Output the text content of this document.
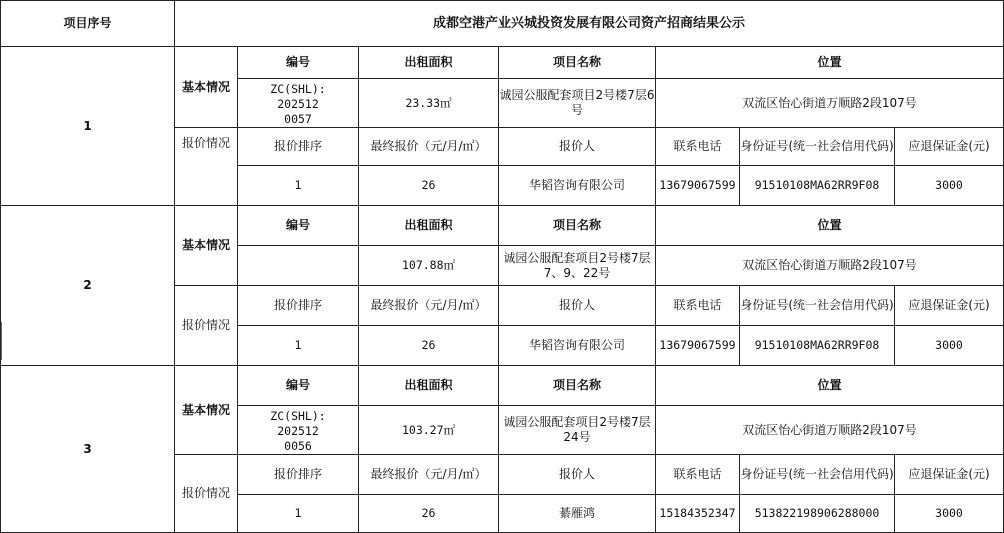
项目序号	成都空港产业兴城投资发展有限公司资产招商结果公示						
1	基本情况	编号	出租面积	项目名称	位置		
		ZC(SHL):
202512
0057	23.33㎡	诚园公服配套项目2号楼7层6号	双流区怡心街道万顺路2段107号		
	报价情况	报价排序	最终报价（元/月/㎡）	报价人	联系电话	身份证号(统一社会信用代码)	应退保证金(元)
		1	26	华韬咨询有限公司	13679067599	91510108MA62RR9F08	3000
2	基本情况	编号	出租面积	项目名称	位置		
			107.88㎡	诚园公服配套项目2号楼7层7、9、22号	双流区怡心街道万顺路2段107号		
	报价情况	报价排序	最终报价（元/月/㎡）	报价人	联系电话	身份证号(统一社会信用代码)	应退保证金(元)
		1	26	华韬咨询有限公司	13679067599	91510108MA62RR9F08	3000
3	基本情况	编号	出租面积	项目名称	位置		
		ZC(SHL):
202512
0056	103.27㎡	诚园公服配套项目2号楼7层24号	双流区怡心街道万顺路2段107号		
	报价情况	报价排序	最终报价（元/月/㎡）	报价人	联系电话	身份证号(统一社会信用代码)	应退保证金(元)
		1	26	綦雁鸿	15184352347	513822198906288000	3000
